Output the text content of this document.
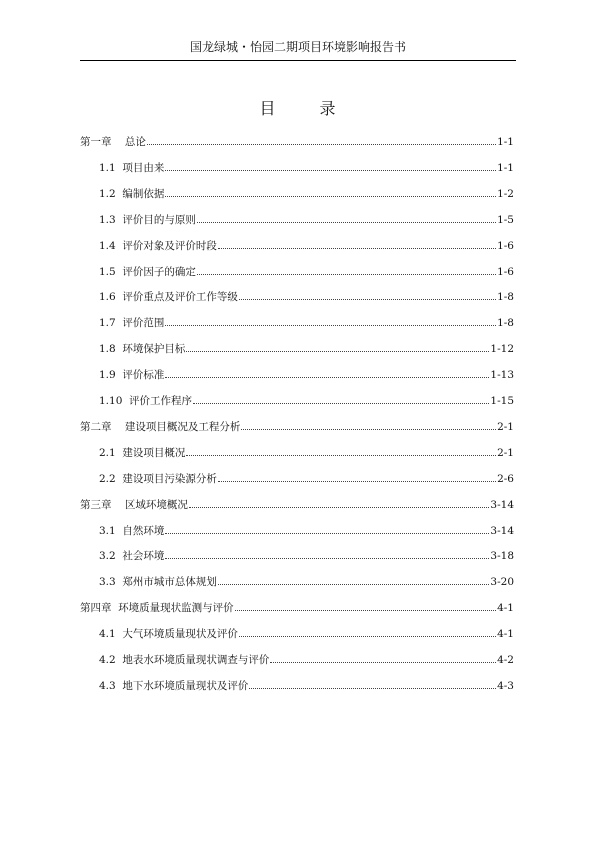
国龙绿城・怡园二期项目环境影响报告书
目录
第一章    总论	1-1
1.1  项目由来	1-1
1.2  编制依据	1-2
1.3  评价目的与原则	1-5
1.4  评价对象及评价时段	1-6
1.5  评价因子的确定	1-6
1.6  评价重点及评价工作等级	1-8
1.7  评价范围	1-8
1.8  环境保护目标	1-12
1.9  评价标准	1-13
1.10  评价工作程序	1-15
第二章    建设项目概况及工程分析	2-1
2.1  建设项目概况	2-1
2.2  建设项目污染源分析	2-6
第三章    区域环境概况	3-14
3.1  自然环境	3-14
3.2  社会环境	3-18
3.3  郑州市城市总体规划	3-20
第四章  环境质量现状监测与评价	4-1
4.1  大气环境质量现状及评价	4-1
4.2  地表水环境质量现状调查与评价	4-2
4.3  地下水环境质量现状及评价	4-3
